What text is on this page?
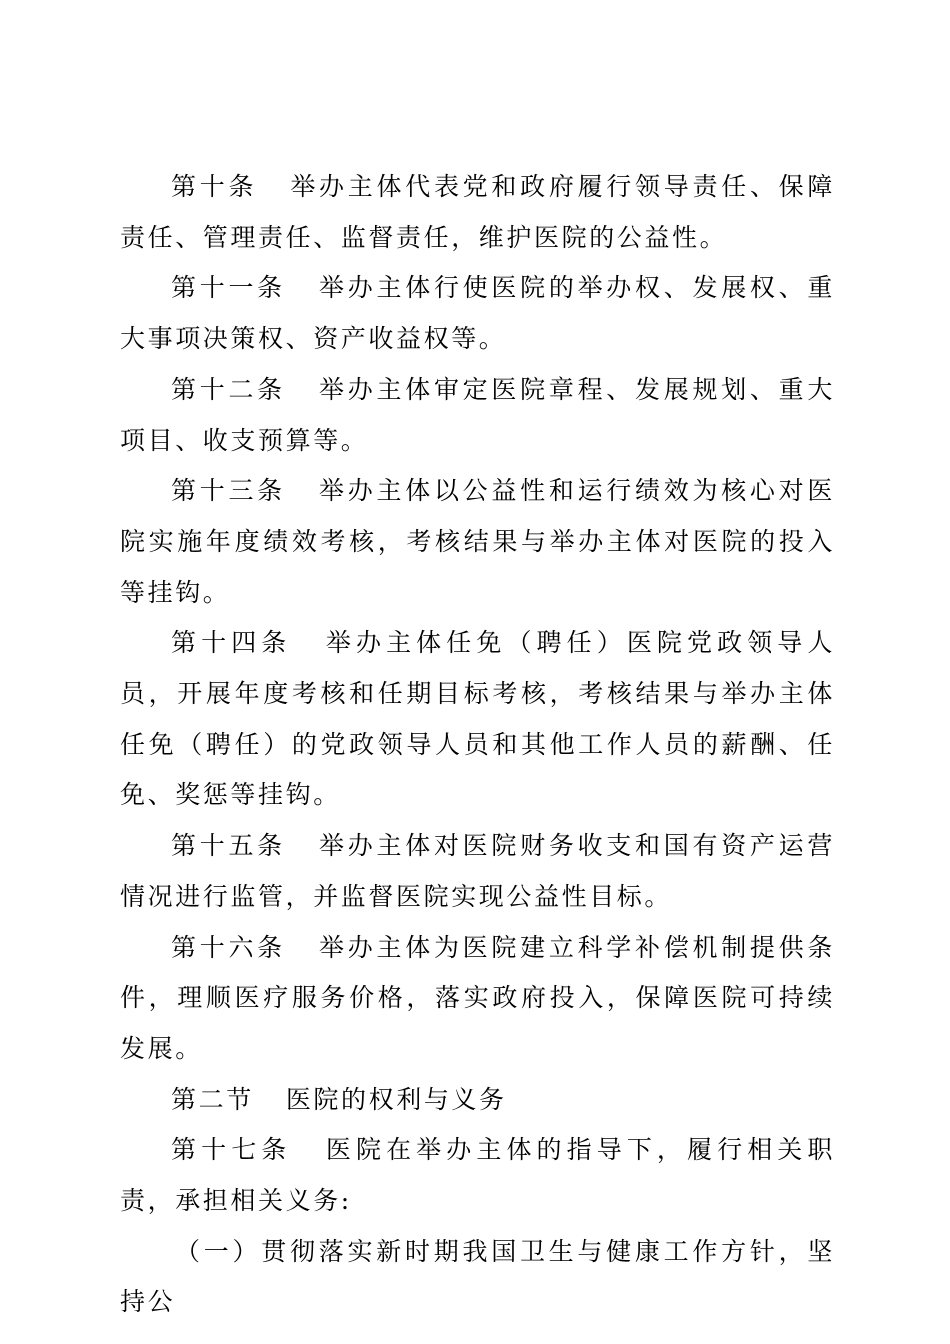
第十条 举办主体代表党和政府履行领导责任、保障责任、管理责任、监督责任，维护医院的公益性。

第十一条 举办主体行使医院的举办权、发展权、重大事项决策权、资产收益权等。

第十二条 举办主体审定医院章程、发展规划、重大项目、收支预算等。

第十三条 举办主体以公益性和运行绩效为核心对医院实施年度绩效考核，考核结果与举办主体对医院的投入等挂钩。

第十四条 举办主体任免（聘任）医院党政领导人员，开展年度考核和任期目标考核，考核结果与举办主体任免（聘任）的党政领导人员和其他工作人员的薪酬、任免、奖惩等挂钩。

第十五条 举办主体对医院财务收支和国有资产运营情况进行监管，并监督医院实现公益性目标。

第十六条 举办主体为医院建立科学补偿机制提供条　件，理顺医疗服务价格，落实政府投入，保障医院可持续发展。

第二节 医院的权利与义务

第十七条 医院在举办主体的指导下，履行相关职责，承担相关义务:

（一）贯彻落实新时期我国卫生与健康工作方针，坚持公
